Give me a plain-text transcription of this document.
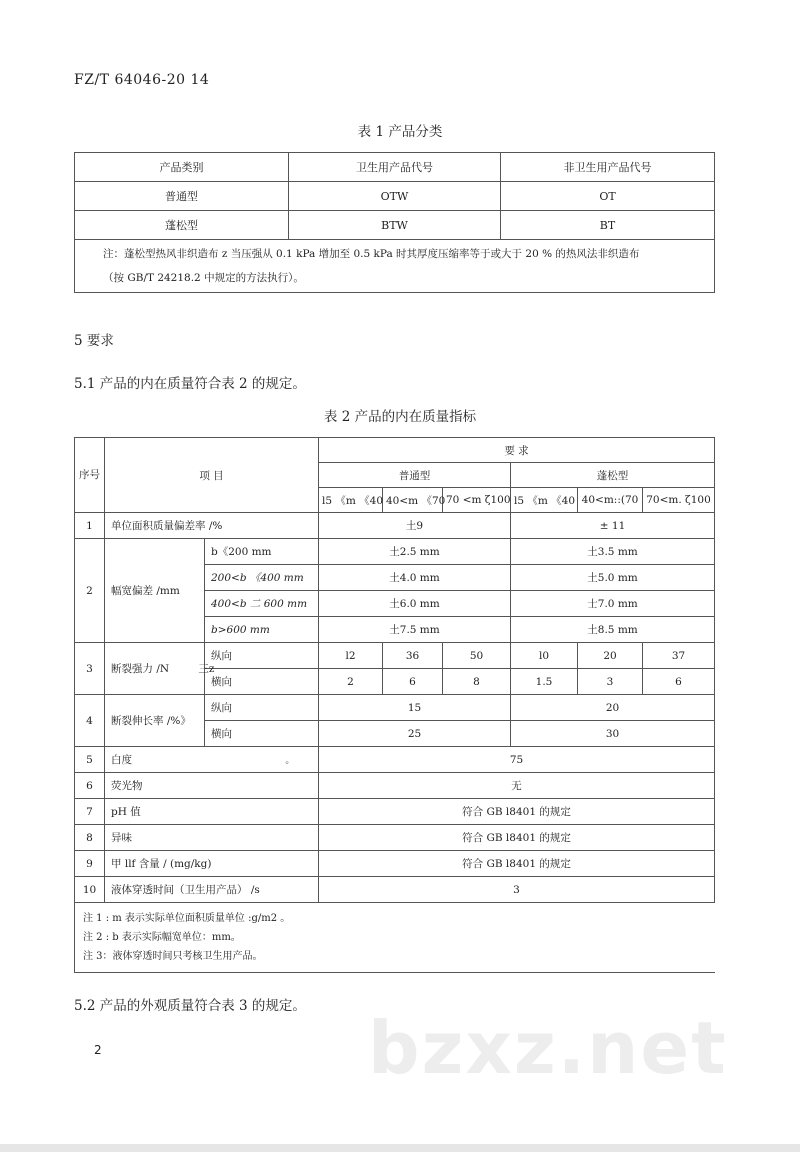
FZ/T 64046-20 14
表 1 产品分类
产品类别	卫生用产品代号	非卫生用产品代号
普通型	OTW	OT
蓬松型	BTW	BT

注：蓬松型热风非织造布 z 当压强从 0.1 kPa 增加至 0.5 kPa 时其厚度压缩率等于或大于 20 % 的热风法非织造布
（按 GB/T 24218.2 中规定的方法执行）。		
5 要求
5.1 产品的内在质量符合表 2 的规定。
表 2 产品的内在质量指标
序号	项 目		要 求					
			普通型			蓬松型		
			l5 《m 《40	40<m 《70	70 <m ζ100	l5 《m 《40	40<m::(70	70<m. ζ100
1	单位面积质量偏差率 /%		土9			± 11		
2	幅宽偏差 /mm	b《200 mm	土2.5 mm			土3.5 mm		
		200<b 《400 mm	土4.0 mm			土5.0 mm		
		400<b 二 600 mm	土6.0 mm			士7.0 mm		
		b>600 mm	土7.5 mm			土8.5 mm		
3	断裂强力 /N 三z	纵向	l2	36	50	l0	20	37
		横向	2	6	8	1.5	3	6
4	断裂伸长率 /%》	纵向	15			20		
		横向	25			30		
5	白度 。		75					
6	荧光物		无					
7	pH 值		符合 GB l8401 的规定					
8	异味		符合 GB l8401 的规定					
9	甲 llf 含量 / (mg/kg)		符合 GB l8401 的规定					
10	液体穿透时间（卫生用产品） /s		3					

注 1 : m 表示实际单位面积质量单位 :g/m2 。
注 2 : b 表示实际幅宽单位：mm。
注 3：液体穿透时间只考核卫生用产品。								
5.2 产品的外观质量符合表 3 的规定。 bzxz.net
2
